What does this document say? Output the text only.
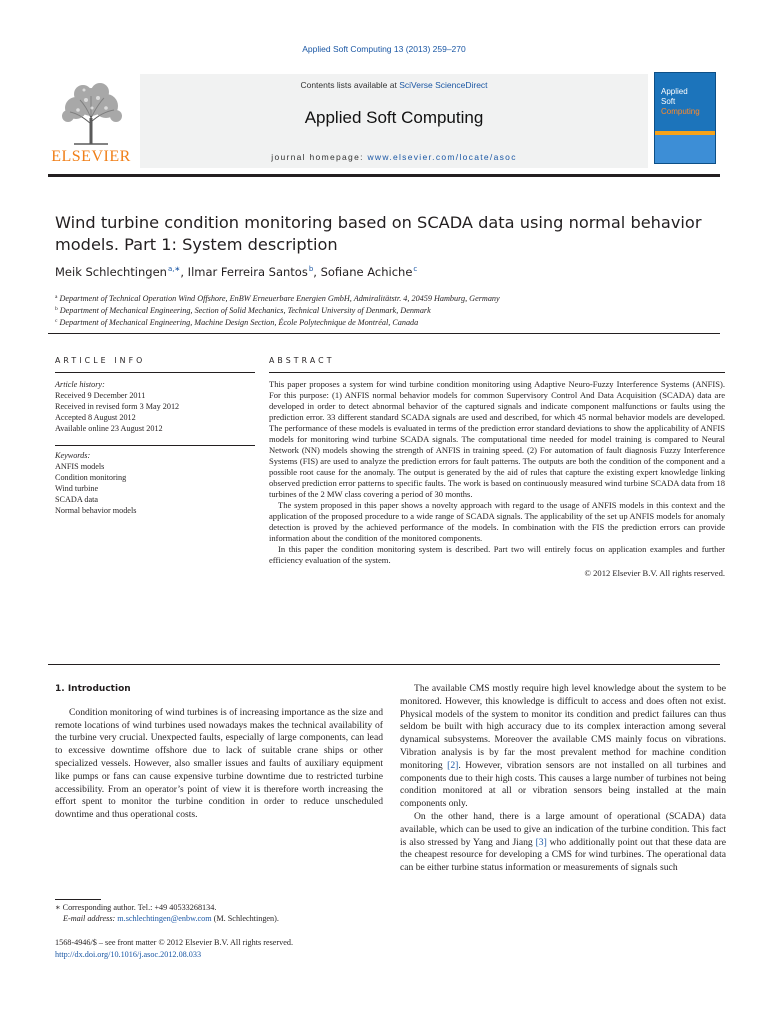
Applied Soft Computing 13 (2013) 259–270
ELSEVIER
Contents lists available at SciVerse ScienceDirect
Applied Soft Computing
journal homepage: www.elsevier.com/locate/asoc
Applied
Soft
Computing
Wind turbine condition monitoring based on SCADA data using normal behavior
models. Part 1: System description
Meik Schlechtingen$^{a,∗}$, Ilmar Ferreira Santos$^b$, Sofiane Achiche$^c$
$^a$ Department of Technical Operation Wind Offshore, EnBW Erneuerbare Energien GmbH, Admiralitätstr. 4, 20459 Hamburg, Germany
$^b$ Department of Mechanical Engineering, Section of Solid Mechanics, Technical University of Denmark, Denmark
$^c$ Department of Mechanical Engineering, Machine Design Section, École Polytechnique de Montréal, Canada
ARTICLE INFO	ABSTRACT
Article history:
Received 9 December 2011
Received in revised form 3 May 2012
Accepted 8 August 2012
Available online 23 August 2012
Keywords:
ANFIS models
Condition monitoring
Wind turbine
SCADA data
Normal behavior models

This paper proposes a system for wind turbine condition monitoring using Adaptive Neuro-Fuzzy Interference Systems (ANFIS). For this purpose: (1) ANFIS normal behavior models for common Supervisory Control And Data Acquisition (SCADA) data are developed in order to detect abnormal behavior of the captured signals and indicate component malfunctions or faults using the prediction error. 33 different standard SCADA signals are used and described, for which 45 normal behavior models are developed. The performance of these models is evaluated in terms of the prediction error standard deviations to show the applicability of ANFIS models for monitoring wind turbine SCADA signals. The computational time needed for model training is compared to Neural Network (NN) models showing the strength of ANFIS in training speed. (2) For automation of fault diagnosis Fuzzy Interference Systems (FIS) are used to analyze the prediction errors for fault patterns. The outputs are both the condition of the component and a possible root cause for the anomaly. The output is generated by the aid of rules that capture the existing expert knowledge linking observed prediction error patterns to specific faults. The work is based on continuously measured wind turbine SCADA data from 18 turbines of the 2 MW class covering a period of 30 months.

The system proposed in this paper shows a novelty approach with regard to the usage of ANFIS models in this context and the application of the proposed procedure to a wide range of SCADA signals. The applicability of the set up ANFIS models for anomaly detection is proved by the achieved performance of the models. In combination with the FIS the prediction errors can provide information about the condition of the monitored components.

In this paper the condition monitoring system is described. Part two will entirely focus on application examples and further efficiency evaluation of the system.

© 2012 Elsevier B.V. All rights reserved.

1. Introduction

Condition monitoring of wind turbines is of increasing importance as the size and remote locations of wind turbines used nowadays makes the technical availability of the turbine very crucial. Unexpected faults, especially of large components, can lead to excessive downtime offshore due to lack of suitable crane ships or other specialized vessels. However, also smaller issues and faults of auxiliary equipment like pumps or fans can cause expensive turbine downtime due to restricted turbine accessibility. From an operator’s point of view it is therefore worth increasing the effort spent to monitor the turbine condition in order to reduce unscheduled downtime and thus operational costs.

The available CMS mostly require high level knowledge about the system to be monitored. However, this knowledge is difficult to access and does often not exist. Physical models of the system to monitor its condition and predict failures can thus seldom be built with high accuracy due to its complex interaction among several dynamical subsystems. Moreover the available CMS mainly focus on vibrations. Vibration analysis is by far the most prevalent method for machine condition monitoring [2]. However, vibration sensors are not installed on all turbines and components due to their high costs. This causes a large number of turbines not being condition monitored at all or vibration sensors being installed at the main components only.

On the other hand, there is a large amount of operational (SCADA) data available, which can be used to give an indication of the turbine condition. This fact is also stressed by Yang and Jiang [3] who additionally point out that these data are the cheapest resource for developing a CMS for wind turbines. The operational data can be either turbine status information or measurements of signals such

∗ Corresponding author. Tel.: +49 40533268134.
E-mail address: m.schlechtingen@enbw.com (M. Schlechtingen).
1568-4946/$ – see front matter © 2012 Elsevier B.V. All rights reserved.
http://dx.doi.org/10.1016/j.asoc.2012.08.033
